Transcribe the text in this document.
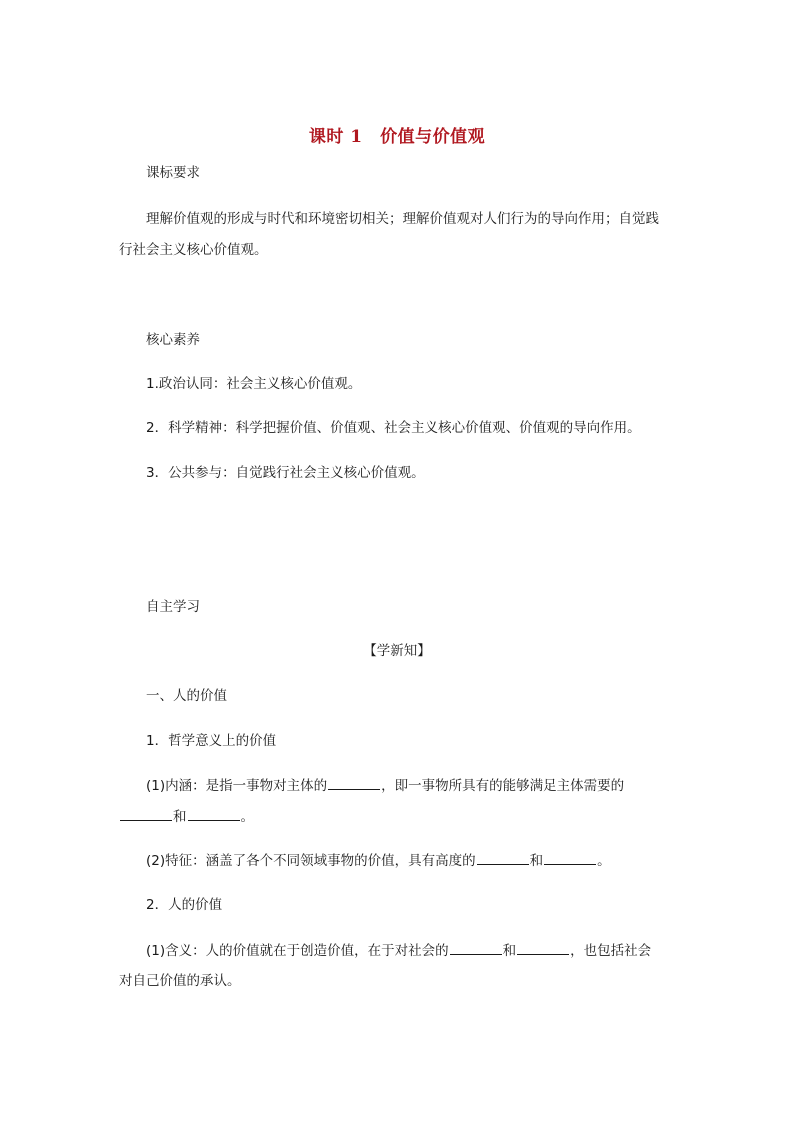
课时 1　价值与价值观
课标要求
理解价值观的形成与时代和环境密切相关；理解价值观对人们行为的导向作用；自觉践
行社会主义核心价值观。
核心素养
1.政治认同：社会主义核心价值观。
2．科学精神：科学把握价值、价值观、社会主义核心价值观、价值观的导向作用。
3．公共参与：自觉践行社会主义核心价值观。
自主学习
【学新知】
一、人的价值
1．哲学意义上的价值
(1)内涵：是指一事物对主体的	，即一事物所具有的能够满足主体需要的
和	。
(2)特征：涵盖了各个不同领域事物的价值，具有高度的	和	。
2．人的价值
(1)含义：人的价值就在于创造价值，在于对社会的	和	，也包括社会
对自己价值的承认。
